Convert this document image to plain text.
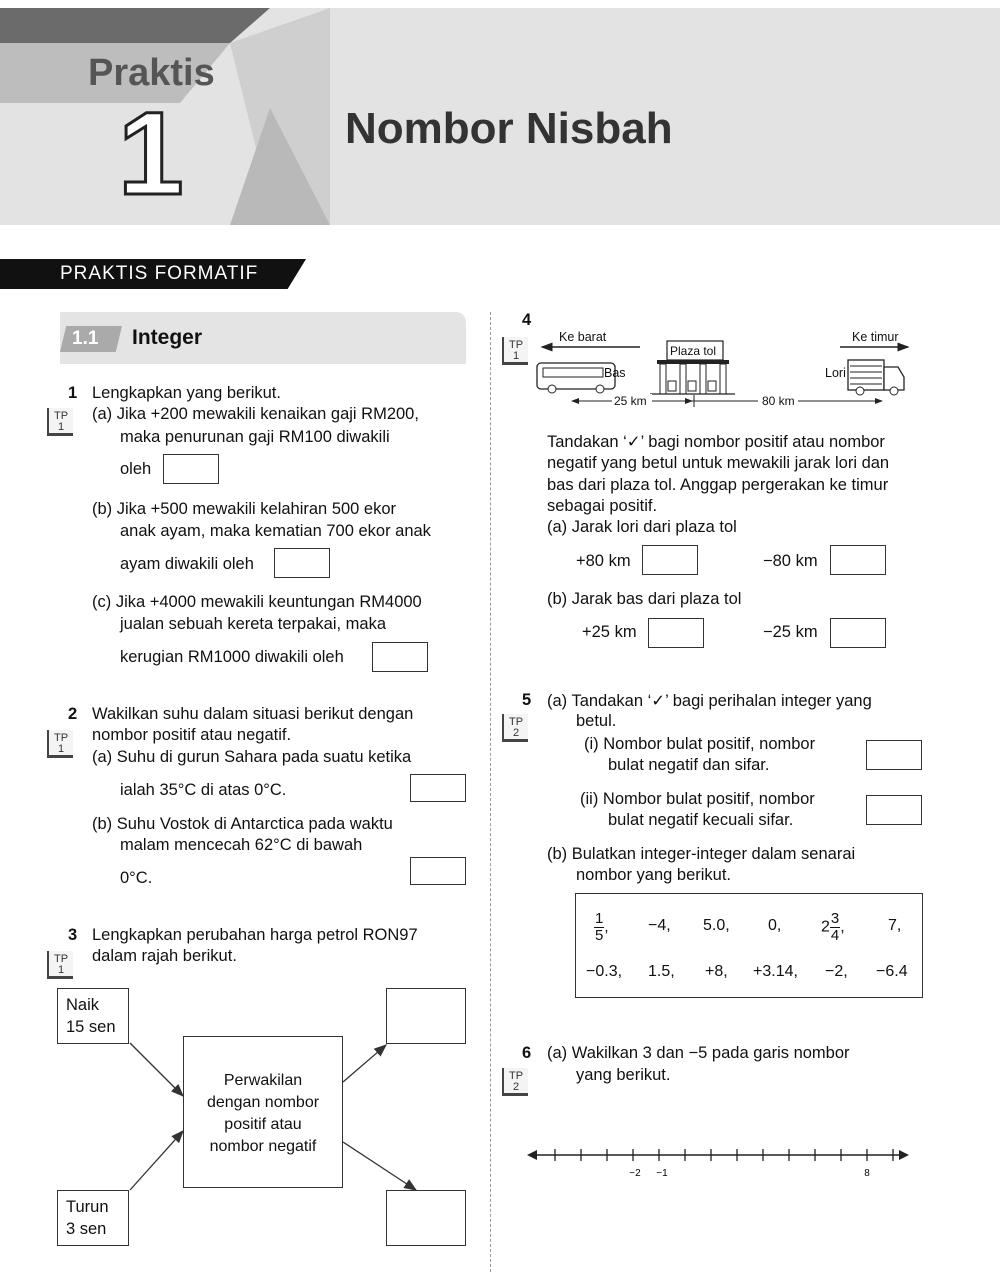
Praktis
1	Nombor Nisbah
PRAKTIS FORMATIF
1.1 Integer
1 Lengkapkan yang berikut.
TP
1
(a) Jika +200 mewakili kenaikan gaji RM200,
maka penurunan gaji RM100 diwakili
oleh
(b) Jika +500 mewakili kelahiran 500 ekor
anak ayam, maka kematian 700 ekor anak
ayam diwakili oleh
(c) Jika +4000 mewakili keuntungan RM4000
jualan sebuah kereta terpakai, maka
kerugian RM1000 diwakili oleh
2 Wakilkan suhu dalam situasi berikut dengan
TP
1
nombor positif atau negatif.
(a) Suhu di gurun Sahara pada suatu ketika
ialah 35°C di atas 0°C.
(b) Suhu Vostok di Antarctica pada waktu
malam mencecah 62°C di bawah
0°C.
3 Lengkapkan perubahan harga petrol RON97
dalam rajah berikut.
TP
1
Naik
15 sen
Turun
3 sen
Perwakilan
dengan nombor
positif atau
nombor negatif
4
TP
1
Ke barat	Ke timur
Plaza tol
Bas	Lori
25 km	80 km
Tandakan ‘✓’ bagi nombor positif atau nombor
negatif yang betul untuk mewakili jarak lori dan
bas dari plaza tol. Anggap pergerakan ke timur
sebagai positif.
(a) Jarak lori dari plaza tol
+80 km	−80 km
(b) Jarak bas dari plaza tol
+25 km	−25 km
5 (a) Tandakan ‘✓’ bagi perihalan integer yang
betul.
TP
2
(i) Nombor bulat positif, nombor
bulat negatif dan sifar.
(ii) Nombor bulat positif, nombor
bulat negatif kecuali sifar.
(b) Bulatkan integer-integer dalam senarai
nombor yang berikut.
$\frac{1}{5}$ , −4, 5.0, 0, $2 \frac{3}{4}$ ,	7,
−0.3, 1.5, +8, +3.14, −2, −6.4
6 (a) Wakilkan 3 dan −5 pada garis nombor
yang berikut.
TP
2
−2 −1	8
